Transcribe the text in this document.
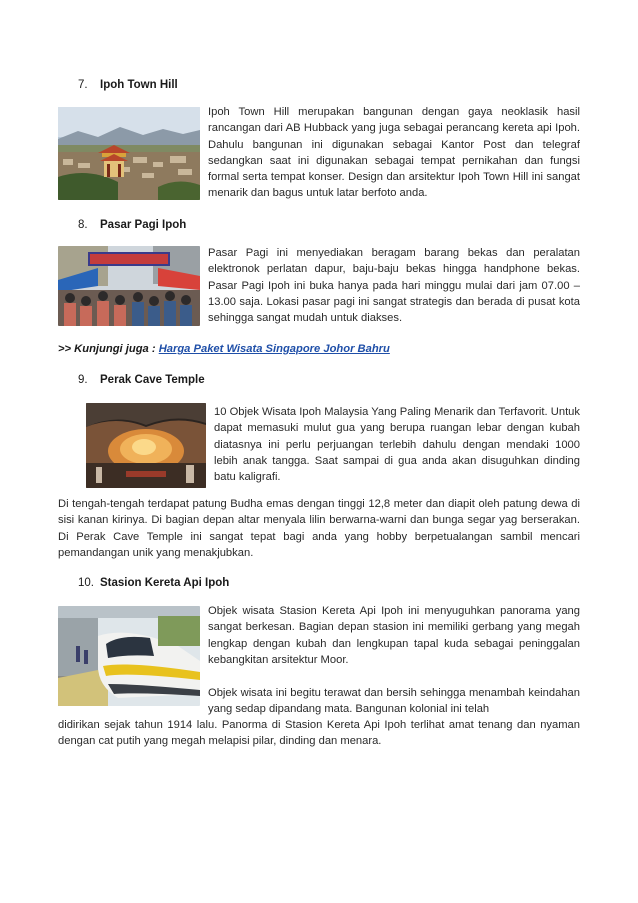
7. Ipoh Town Hill

Ipoh Town Hill merupakan bangunan dengan gaya neoklasik hasil rancangan dari AB Hubback yang juga sebagai perancang kereta api Ipoh. Dahulu bangunan ini digunakan sebagai Kantor Post dan telegraf sedangkan saat ini digunakan sebagai tempat pernikahan dan fungsi formal serta tempat konser. Design dan arsitektur Ipoh Town Hill ini sangat menarik dan bagus untuk latar berfoto anda.

8. Pasar Pagi Ipoh

Pasar Pagi ini menyediakan beragam barang bekas dan peralatan elektronok perlatan dapur, baju-baju bekas hingga handphone bekas. Pasar Pagi Ipoh ini buka hanya pada hari minggu mulai dari jam 07.00 – 13.00 saja. Lokasi pasar pagi ini sangat strategis dan berada di pusat kota sehingga sangat mudah untuk diakses.

>> Kunjungi juga : Harga Paket Wisata Singapore Johor Bahru
9. Perak Cave Temple

10 Objek Wisata Ipoh Malaysia Yang Paling Menarik dan Terfavorit. Untuk dapat memasuki mulut gua yang berupa ruangan lebar dengan kubah diatasnya ini perlu perjuangan terlebih dahulu dengan mendaki 1000 lebih anak tangga. Saat sampai di gua anda akan disuguhkan dinding batu kaligrafi.

Di tengah-tengah terdapat patung Budha emas dengan tinggi 12,8 meter dan diapit oleh patung dewa di sisi kanan kirinya. Di bagian depan altar menyala lilin berwarna-warni dan bunga segar yag berserakan. Di Perak Cave Temple ini sangat tepat bagi anda yang hobby berpetualangan sambil mencari pemandangan unik yang menakjubkan.

10. Stasion Kereta Api Ipoh

Objek wisata Stasion Kereta Api Ipoh ini menyuguhkan panorama yang sangat berkesan. Bagian depan stasion ini memiliki gerbang yang megah lengkap dengan kubah dan lengkupan tapal kuda sebagai peninggalan kebangkitan arsitektur Moor.

Objek wisata ini begitu terawat dan bersih sehingga menambah keindahan yang sedap dipandang mata. Bangunan kolonial ini telah

didirikan sejak tahun 1914 lalu. Panorma di Stasion Kereta Api Ipoh terlihat amat tenang dan nyaman dengan cat putih yang megah melapisi pilar, dinding dan menara.
